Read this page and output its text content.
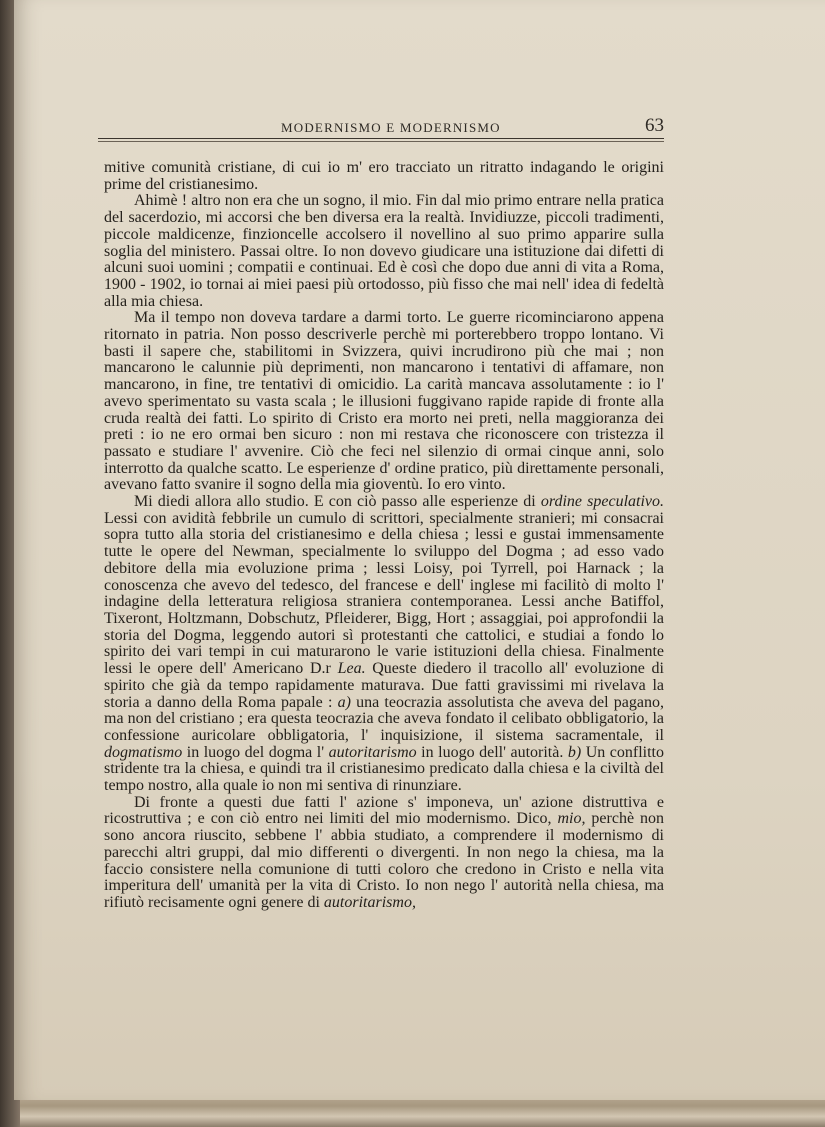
MODERNISMO E MODERNISMO	63

mitive comunità cristiane, di cui io m' ero tracciato un ritratto indagando le origini prime del cristianesimo.

Ahimè ! altro non era che un sogno, il mio. Fin dal mio primo entrare nella pratica del sacerdozio, mi accorsi che ben diversa era la realtà. Invidiuzze, piccoli tradimenti, piccole maldicenze, finzioncelle accolsero il novellino al suo primo apparire sulla soglia del ministero. Passai oltre. Io non dovevo giudicare una istituzione dai difetti di alcuni suoi uomini ; compatii e continuai. Ed è così che dopo due anni di vita a Roma, 1900 - 1902, io tornai ai miei paesi più ortodosso, più fisso che mai nell' idea di fedeltà alla mia chiesa.

Ma il tempo non doveva tardare a darmi torto. Le guerre ricominciarono appena ritornato in patria. Non posso descriverle perchè mi porterebbero troppo lontano. Vi basti il sapere che, stabilitomi in Svizzera, quivi incrudirono più che mai ; non mancarono le calunnie più deprimenti, non mancarono i tentativi di affamare, non mancarono, in fine, tre tentativi di omicidio. La carità mancava assolutamente : io l' avevo sperimentato su vasta scala ; le illusioni fuggivano rapide rapide di fronte alla cruda realtà dei fatti. Lo spirito di Cristo era morto nei preti, nella maggioranza dei preti : io ne ero ormai ben sicuro : non mi restava che riconoscere con tristezza il passato e studiare l' avvenire. Ciò che feci nel silenzio di ormai cinque anni, solo interrotto da qualche scatto. Le esperienze d' ordine pratico, più direttamente personali, avevano fatto svanire il sogno della mia gioventù. Io ero vinto.

Mi diedi allora allo studio. E con ciò passo alle esperienze di ordine speculativo. Lessi con avidità febbrile un cumulo di scrittori, specialmente stranieri; mi consacrai sopra tutto alla storia del cristianesimo e della chiesa ; lessi e gustai immensamente tutte le opere del Newman, specialmente lo sviluppo del Dogma ; ad esso vado debitore della mia evoluzione prima ; lessi Loisy, poi Tyrrell, poi Harnack ; la conoscenza che avevo del tedesco, del francese e dell' inglese mi facilitò di molto l' indagine della letteratura religiosa straniera contemporanea. Lessi anche Batiffol, Tixeront, Holtzmann, Dobschutz, Pfleiderer, Bigg, Hort ; assaggiai, poi approfondii la storia del Dogma, leggendo autori sì protestanti che cattolici, e studiai a fondo lo spirito dei vari tempi in cui maturarono le varie istituzioni della chiesa. Finalmente lessi le opere dell' Americano D.r Lea. Queste diedero il tracollo all' evoluzione di spirito che già da tempo rapidamente maturava. Due fatti gravissimi mi rivelava la storia a danno della Roma papale : a) una teocrazia assolutista che aveva del pagano, ma non del cristiano ; era questa teocrazia che aveva fondato il celibato obbligatorio, la confessione auricolare obbligatoria, l' inquisizione, il sistema sacramentale, il dogmatismo in luogo del dogma l' autoritarismo in luogo dell' autorità. b) Un conflitto stridente tra la chiesa, e quindi tra il cristianesimo predicato dalla chiesa e la civiltà del tempo nostro, alla quale io non mi sentiva di rinunziare.

Di fronte a questi due fatti l' azione s' imponeva, un' azione distruttiva e ricostruttiva ; e con ciò entro nei limiti del mio modernismo. Dico, mio, perchè non sono ancora riuscito, sebbene l' abbia studiato, a comprendere il modernismo di parecchi altri gruppi, dal mio differenti o divergenti. In non nego la chiesa, ma la faccio consistere nella comunione di tutti coloro che credono in Cristo e nella vita imperitura dell' umanità per la vita di Cristo. Io non nego l' autorità nella chiesa, ma rifiutò recisamente ogni genere di autoritarismo,
